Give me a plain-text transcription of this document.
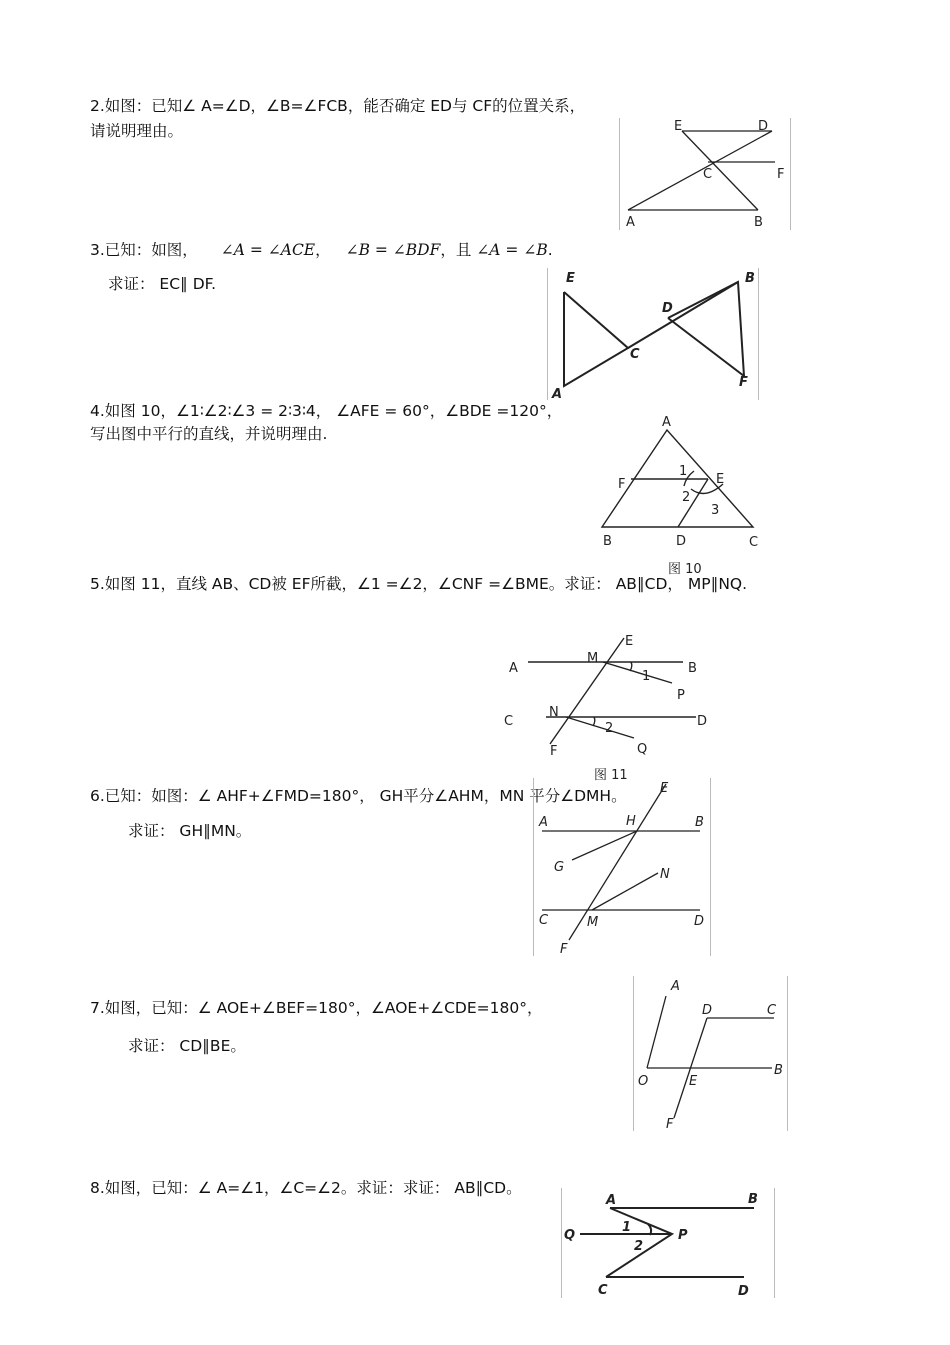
2.如图：已知∠ A=∠D，∠B=∠FCB，能否确定 ED与 CF的位置关系，
请说明理由。	E	D
C	F
A	B
3.已知：如图， ∠A = ∠ACE， ∠B = ∠BDF，且 ∠A = ∠B.
求证： EC∥ DF.	E	B
D
C
A
F
4.如图 10，∠1∶∠2∶∠3 = 2∶3∶4， ∠AFE = 60°，∠BDE =120°，
写出图中平行的直线，并说明理由.
A
F
1
E
2
3
B	D	C
图 10
5.如图 11，直线 AB、CD被 EF所截，∠1 =∠2，∠CNF =∠BME。求证： AB∥CD， MP∥NQ.
E
M
A	B
1
P
N
C	D
2
F	Q
图 11
6.已知：如图：∠ AHF+∠FMD=180°， GH平分∠AHM，MN 平分∠DMH。
求证： GH∥MN。
E
A	H	B
G	N
C	M	D
F
7.如图，已知：∠ AOE+∠BEF=180°，∠AOE+∠CDE=180°，
求证： CD∥BE。
A
D	C
O	E
B
F
8.如图，已知：∠ A=∠1，∠C=∠2。求证：求证： AB∥CD。
A	B
Q
1
P
2
C	D
